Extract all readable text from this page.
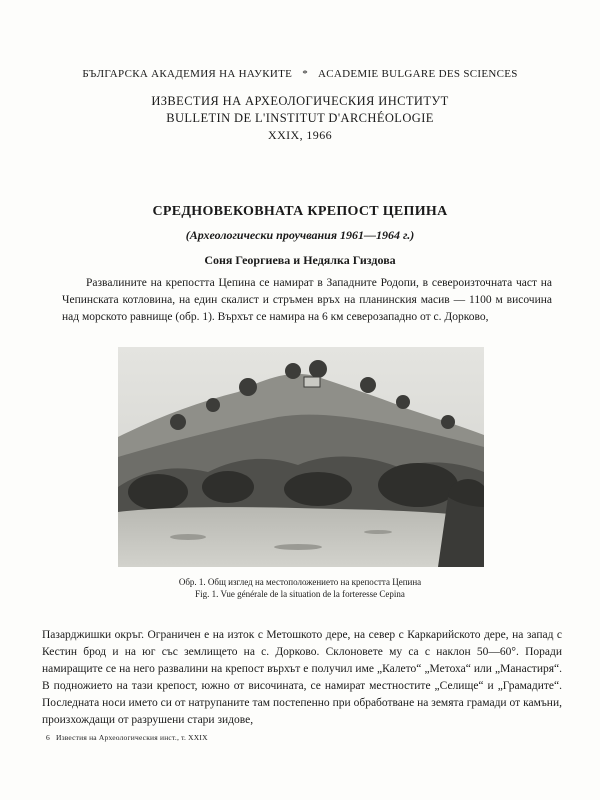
БЪЛГАРСКА АКАДЕМИЯ НА НАУКИТЕ * ACADEMIE BULGARE DES SCIENCES
ИЗВЕСТИЯ НА АРХЕОЛОГИЧЕСКИЯ ИНСТИТУТ
BULLETIN DE L'INSTITUT D'ARCHÉOLOGIE
XXIX, 1966
СРЕДНОВЕКОВНАТА КРЕПОСТ ЦЕПИНА
(Археологически проучвания 1961—1964 г.)
Соня Георгиева и Недялка Гиздова
Развалините на крепостта Цепина се намират в Западните Родопи, в североизточната част на Чепинската котловина, на един скалист и стръмен връх на планинския масив — 1100 м височина над морското равнище (обр. 1). Върхът се намира на 6 км северозападно от с. Дорково,
Обр. 1. Общ изглед на местоположението на крепостта Цепина
Fig. 1. Vue générale de la situation de la forteresse Cepina
Пазарджишки окръг. Ограничен е на изток с Метошкото дере, на север с Каркарийското дере, на запад с Кестин брод и на юг със землището на с. Дорково. Склоновете му са с наклон 50—60°. Поради намиращите се на него развалини на крепост върхът е получил име „Калето“ „Метоха“ или „Манастиря“. В подножието на тази крепост, южно от височината, се намират местностите „Селище“ и „Грамадите“. Последната носи името си от натрупаните там постепенно при обработване на земята грамади от камъни, произхождащи от разрушени стари зидове,
6 Известия на Археологическия инст., т. XXIX
